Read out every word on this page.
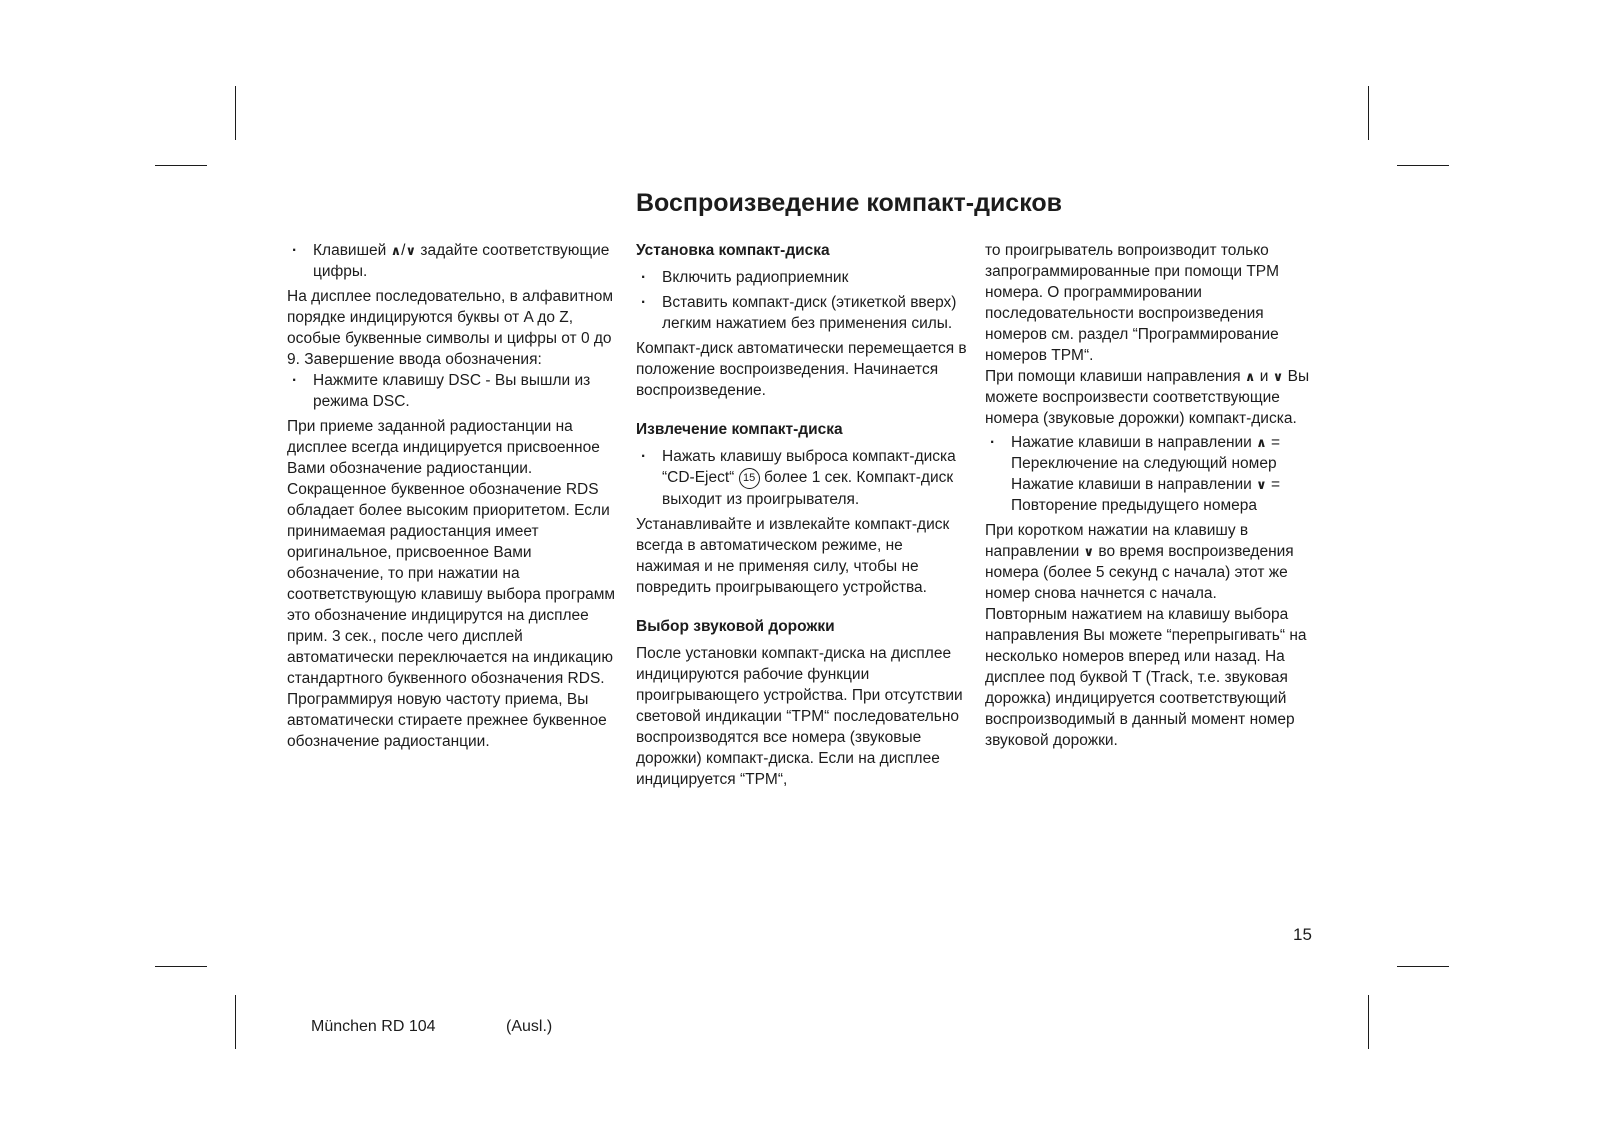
Воспроизведение компакт-дисков
· Клавишей ∧/∨ задайте соответствующие цифры.

На дисплее последовательно, в алфавитном порядке индицируются буквы от A до Z, особые буквенные символы и цифры от 0 до 9. Завершение ввода обозначения:

· Нажмите клавишу DSC - Вы вышли из режима DSC.

При приеме заданной радиостанции на дисплее всегда индицируется присвоенное Вами обозначение радиостанции.

Сокращенное буквенное обозначение RDS обладает более высоким приоритетом. Если принимаемая радиостанция имеет оригинальное, присвоенное Вами обозначение, то при нажатии на соответствующую клавишу выбора программ это обозначение индицирутся на дисплее прим. 3 сек., после чего дисплей автоматически переключается на индикацию стандартного буквенного обозначения RDS.

Программируя новую частоту приема, Вы автоматически стираете прежнее буквенное обозначение радиостанции.

Установка компакт-диска
· Включить радиоприемник
· Вставить компакт-диск (этикеткой вверх) легким нажатием без применения силы.

Компакт-диск автоматически перемещается в положение воспроизведения. Начинается воспроизведение.

Извлечение компакт-диска
· Нажать клавишу выброса компакт-диска “CD-Eject“ 15 более 1 сек. Компакт-диск выходит из проигрывателя.

Устанавливайте и извлекайте компакт-диск всегда в автоматическом режиме, не нажимая и не применяя силу, чтобы не повредить проигрывающего устройства.

Выбор звуковой дорожки

После установки компакт-диска на дисплее индицируются рабочие функции проигрывающего устройства. При отсутствии световой индикации “TPM“ последовательно воспроизводятся все номера (звуковые дорожки) компакт-диска. Если на дисплее индицируется “TPM“,

то проигрыватель вопроизводит только запрограммированные при помощи TPM номера. О программировании последовательности воспроизведения номеров см. раздел “Программирование номеров TPM“.

При помощи клавиши направления ∧ и ∨ Вы можете воспроизвести соответствующие номера (звуковые дорожки) компакт-диска.

· Нажатие клавиши в направлении ∧ = Переключение на следующий номер
Нажатие клавиши в направлении ∨ = Повторение предыдущего номера

При коротком нажатии на клавишу в направлении ∨ во время воспроизведения номера (более 5 секунд с начала) этот же номер снова начнется с начала.

Повторным нажатием на клавишу выбора направления Вы можете “перепрыгивать“ на несколько номеров вперед или назад. На дисплее под буквой T (Track, т.е. звуковая дорожка) индицируется соответствующий воспроизводимый в данный момент номер звуковой дорожки.

15
München RD 104	(Ausl.)
